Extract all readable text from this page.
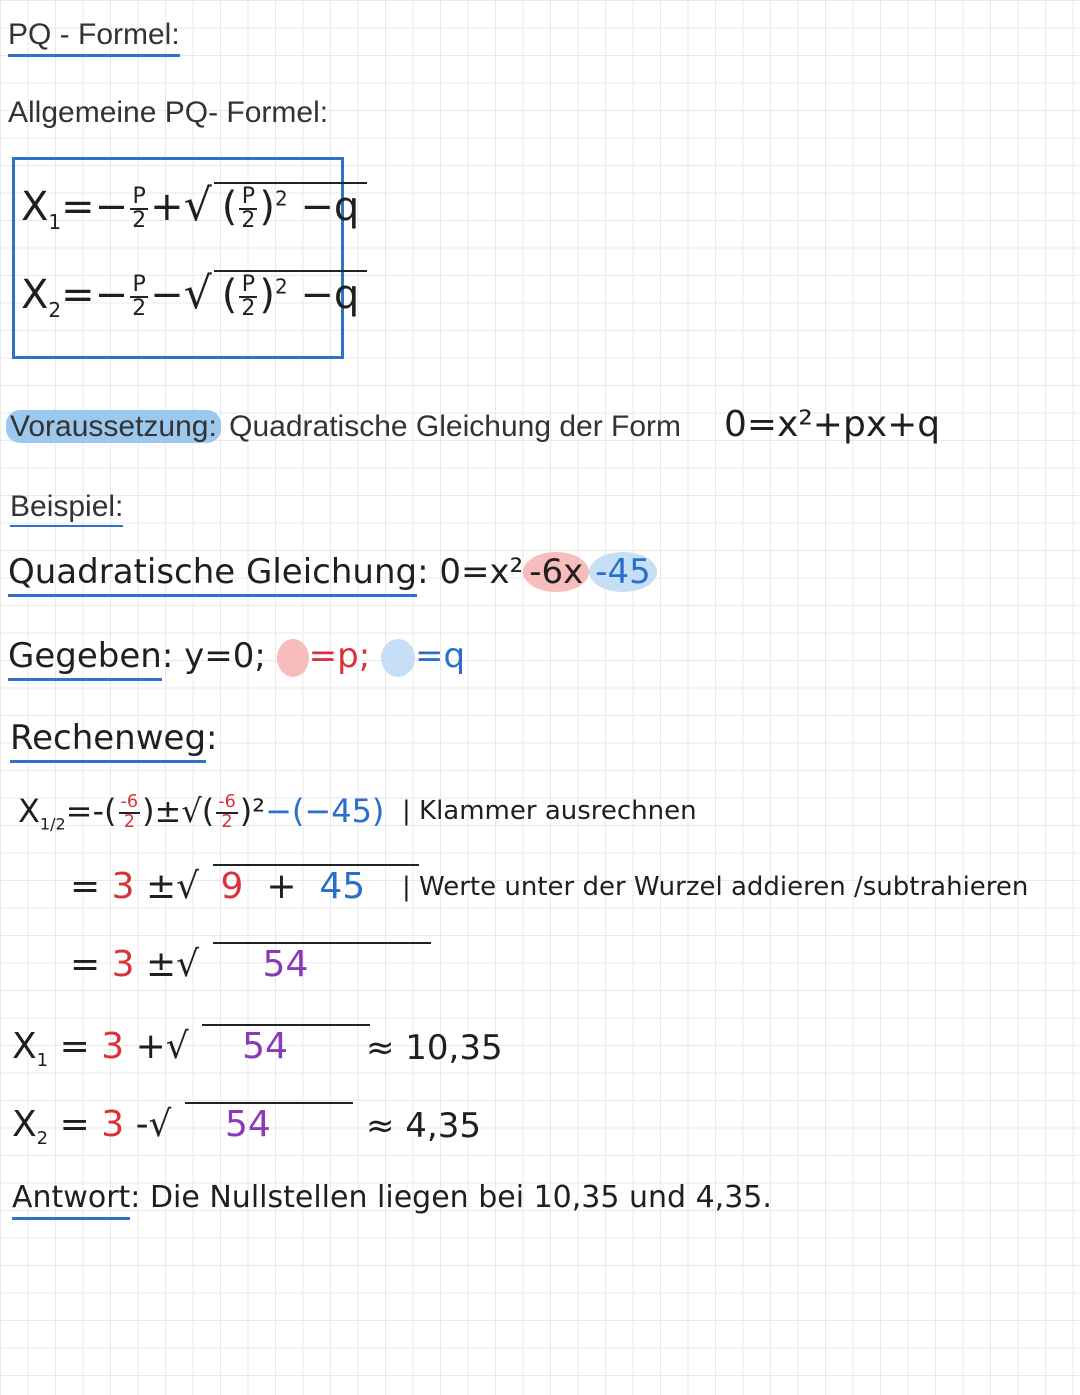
PQ - Formel:
Allgemeine PQ- Formel:
$X_1=- \frac{P}{2}$ +√ ( $\frac{P}{2} )^2 -q$
$X_2=- \frac{P}{2}$ −√ ( $\frac{P}{2} )^2 -q$
Voraussetzung: Quadratische Gleichung der Form 0=x²+px+q
Beispiel:
Quadratische Gleichung: 0=x² -6x -45
Gegeben: y=0; =p; =q
Rechenweg:
$X_{1/2}=-( \frac{-6}{2}$ )±√( $\frac{-6}{2} )^2-(-45)$ | Klammer ausrechnen
= 3 ±√ 9 + 45	| Werte unter der Wurzel addieren /subtrahieren
= 3 ±√ 54
$X_1 = 3$ +√ 54	≈ 10,35
$X_2 = 3$ -√ 54	≈ 4,35
Antwort: Die Nullstellen liegen bei 10,35 und 4,35.
